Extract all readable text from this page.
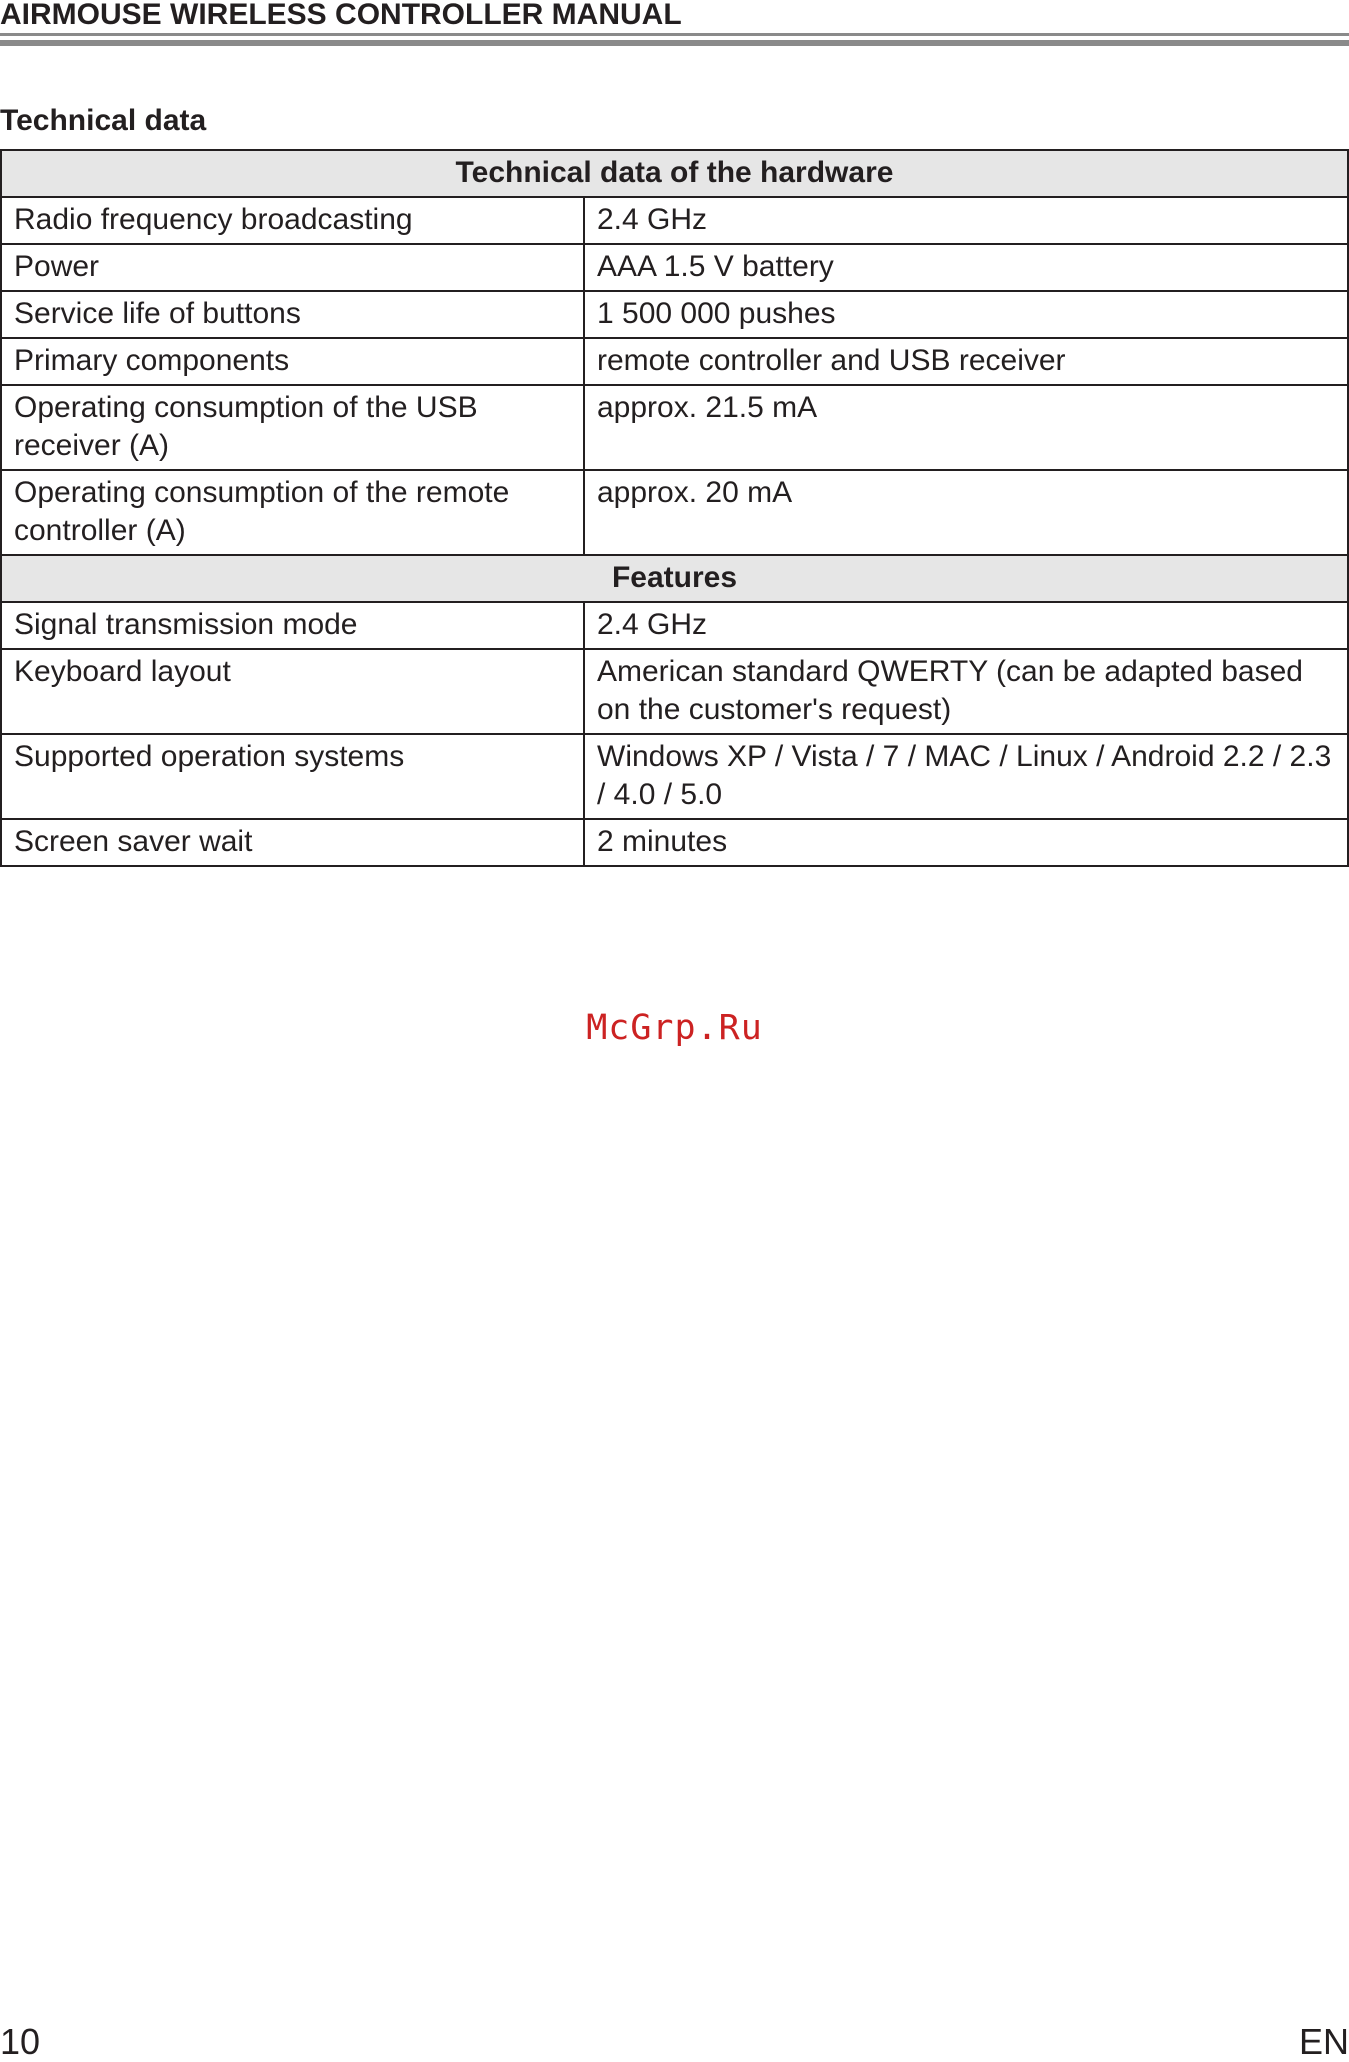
AIRMOUSE WIRELESS CONTROLLER MANUAL
Technical data
Technical data of the hardware	
Radio frequency broadcasting	2.4 GHz
Power	AAA 1.5 V battery
Service life of buttons	1 500 000 pushes
Primary components	remote controller and USB receiver
Operating consumption of the USB receiver (A)	approx. 21.5 mA
Operating consumption of the remote controller (A)	approx. 20 mA
Features	
Signal transmission mode	2.4 GHz
Keyboard layout	American standard QWERTY (can be adapted based on the customer's request)
Supported operation systems	Windows XP / Vista / 7 / MAC / Linux / Android 2.2 / 2.3 / 4.0 / 5.0
Screen saver wait	2 minutes
McGrp.Ru
10	EN
